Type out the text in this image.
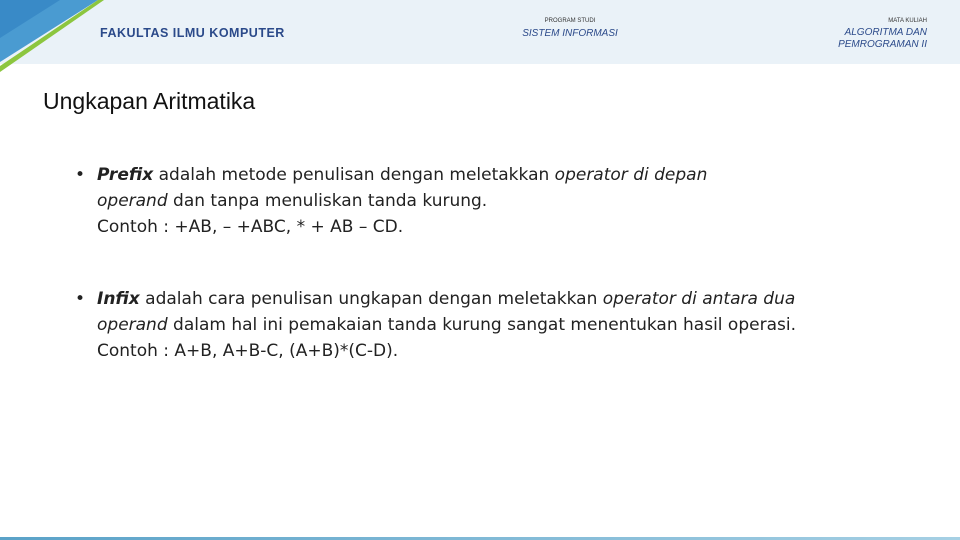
FAKULTAS ILMU KOMPUTER
PROGRAM STUDI
SISTEM INFORMASI
MATA KULIAH
ALGORITMA DAN
PEMROGRAMAN II
Ungkapan Aritmatika
• Prefix adalah metode penulisan dengan meletakkan operator di depan
operand dan tanpa menuliskan tanda kurung.
Contoh : +AB, – +ABC, * + AB – CD.
• Infix adalah cara penulisan ungkapan dengan meletakkan operator di antara dua
operand dalam hal ini pemakaian tanda kurung sangat menentukan hasil operasi.
Contoh : A+B, A+B-C, (A+B)*(C-D).
